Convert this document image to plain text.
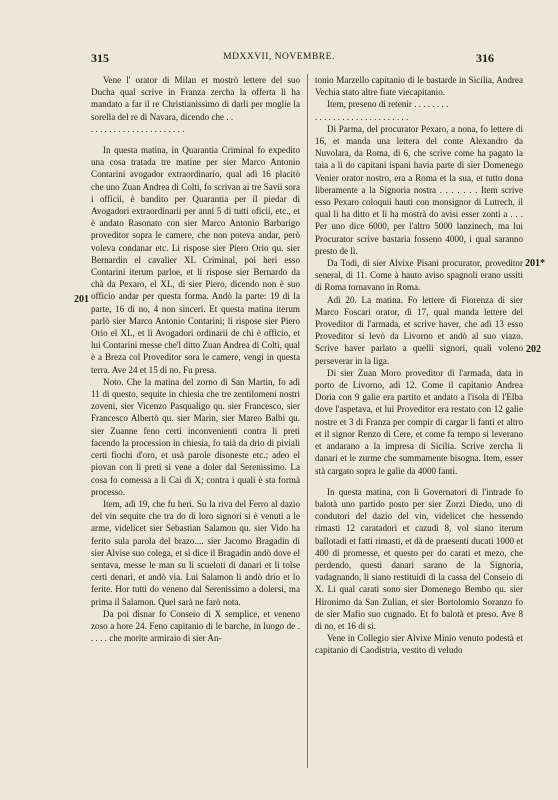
315	MDXXVII, NOVEMBRE.	316
201
201*
202

Vene l' orator di Milan et mostrò lettere del suo Ducha qual scrive in Franza zercha la offerta li ha mandato a far il re Christianissimo di darli per moglie la sorella del re di Navara, dicendo che . .

. . . . . . . . . . . . . . . . . . . . .

In questa matina, in Quarantia Criminal fo expedito una cosa tratada tre matine per sier Marco Antonio Contarini avogador extraordinario, qual adì 16 placitò che uno Zuan Andrea di Colti, fo scrivan ai tre Savii sora i officii, è bandito per Quarantia per il piedar di Avogadori extraordinarii per anni 5 di tutti oficii, etc., et è andato Rasonato con sier Marco Antonio Barbarigo proveditor sopra le camere, che non poteva andar, però voleva condanar etc. Li rispose sier Piero Orio qu. sier Bernardin el cavalier XL Criminal, poi heri esso Contarini iterum parloe, et li rispose sier Bernardo da chà da Pexaro, el XL, di sier Piero, dicendo non è suo officio andar per questa forma. Andò la parte: 19 di la parte, 16 di no, 4 non sinceri. Et questa matina iterum parlò sier Marco Antonio Contarini; li rispose sier Piero Orio el XL, et li Avogadori ordinarii de chi è officio, et lui Contarini messe che'l ditto Zuan Andrea di Colti, qual è a Breza col Proveditor sora le camere, vengi in questa terra. Ave 24 et 15 di no. Fu presa.

Noto. Che la matina del zorno di San Martin, fo adì 11 di questo, sequite in chiesia che tre zentilomeni nostri zoveni, sier Vicenzo Pasqualigo qu. sier Francesco, sier Francesco Albertò qu. sier Marin, sier Mareo Balbi qu. sier Zuanne feno certi inconvenienti contra li preti facendo la procession in chiesia, fo taià da drio di piviali certi fiochi d'oro, et usà parole disoneste etc.; adeo el piovan con li preti si vene a doler dal Serenissimo. La cosa fo comessa a li Cai di X; contra i quali è sta formà processo.

Item, adì 19, che fu heri. Su la riva del Ferro al dazio del vin sequite che tra do di loro signori si è venuti a le arme, videlicet sier Sebastian Salamon qu. sier Vido ha ferito sula parola del brazo.... sier Jacomo Bragadin di sier Alvise suo colega, et si dice il Bragadin andò dove el sentava, messe le man su li scueloti di danari et li tolse certi denari, et andò via. Lui Salamon li andò drio et lo ferite. Hor tutti do veneno dal Serenissimo a dolersi, ma prima il Salamon. Quel sarà ne farò nota.

Da poi disnar fo Conseio di X semplice, et veneno zoso a hore 24. Feno capitanio di le barche, in luogo de . . . . . che morite armiraio di sier An-

tonio Marzello capitanio di le bastarde in Sicilia, Andrea Vechia stato altre fiate viecapitanio.

Item, preseno di retenir . . . . . . . .

. . . . . . . . . . . . . . . . . . . . .

Di Parma, del procurator Pexaro, a nona, fo lettere di 16, et manda una lettera del conte Alexandro da Nuvolara, da Roma, di 6, che scrive come ha pagato la taia a li do capitani ispani havia parte di sier Domenego Venier orator nostro, era a Roma et la sua, et tutto dona liberamente a la Signoria nostra . . . . . . . Item scrive esso Pexaro coloquii hauti con monsignor di Lutrech, il qual li ha ditto et li ha mostrà do avisi esser zonti a . . . Per uno dice 6000, per l'altro 5000 lanzinech, ma lui Procurator scrive bastaria fosseno 4000, i qual saranno presto de lì.

Da Todi, di sier Alvixe Pisani procurator, proveditor seneral, dì 11. Come à hauto aviso spagnoli erano ussiti di Roma tornavano in Roma.

Adì 20. La matina. Fo lettere di Fiorenza di sier Marco Foscari orator, dì 17, qual manda lettere del Proveditor di l'armada, et scrive haver, che adì 13 esso Proveditor si levò da Livorno et andò al suo viazo. Scrive haver parlato a quelli signori, quali voleno perseverar in la liga.

Di sier Zuan Moro proveditor di l'armada, data in porto de Livorno, adì 12. Come il capitanio Andrea Doria con 9 galie era partito et andato a l'isola di l'Elba dove l'aspetava, et lui Proveditor era restato con 12 galie nostre et 3 di Franza per compir di cargar li fanti et altro et il signor Renzo di Cere, et come fa tempo si leverano et andarano a la impresa di Sicilia. Scrive zercha li danari et le zurme che summamente bisogna. Item, esser stà cargato sopra le galie da 4000 fanti.

In questa matina, con li Governatori di l'intrade fo balotà uno partido posto per sier Zorzi Diedo, uno di condutori del dazio del vin, videlicet che hessendo rimasti 12 caratadori et cazudi 8, vol siano iterum ballotadi et fatti rimasti, et dà de praesenti ducati 1000 et 400 di promesse, et questo per do carati et mezo, che perdendo, questi danari sarano de la Signoria, vadagnando, li siano restituidi di la cassa del Conseio di X. Li qual carati sono sier Domenego Bembo qu. sier Hironimo da San Zulian, et sier Bortolomio Soranzo fo de sier Mafio suo cugnado. Et fo balotà et preso. Ave 8 di no, et 16 di sì.

Vene in Collegio sier Alvixe Minio venuto podestà et capitanio di Caodistria, vestito di veludo
